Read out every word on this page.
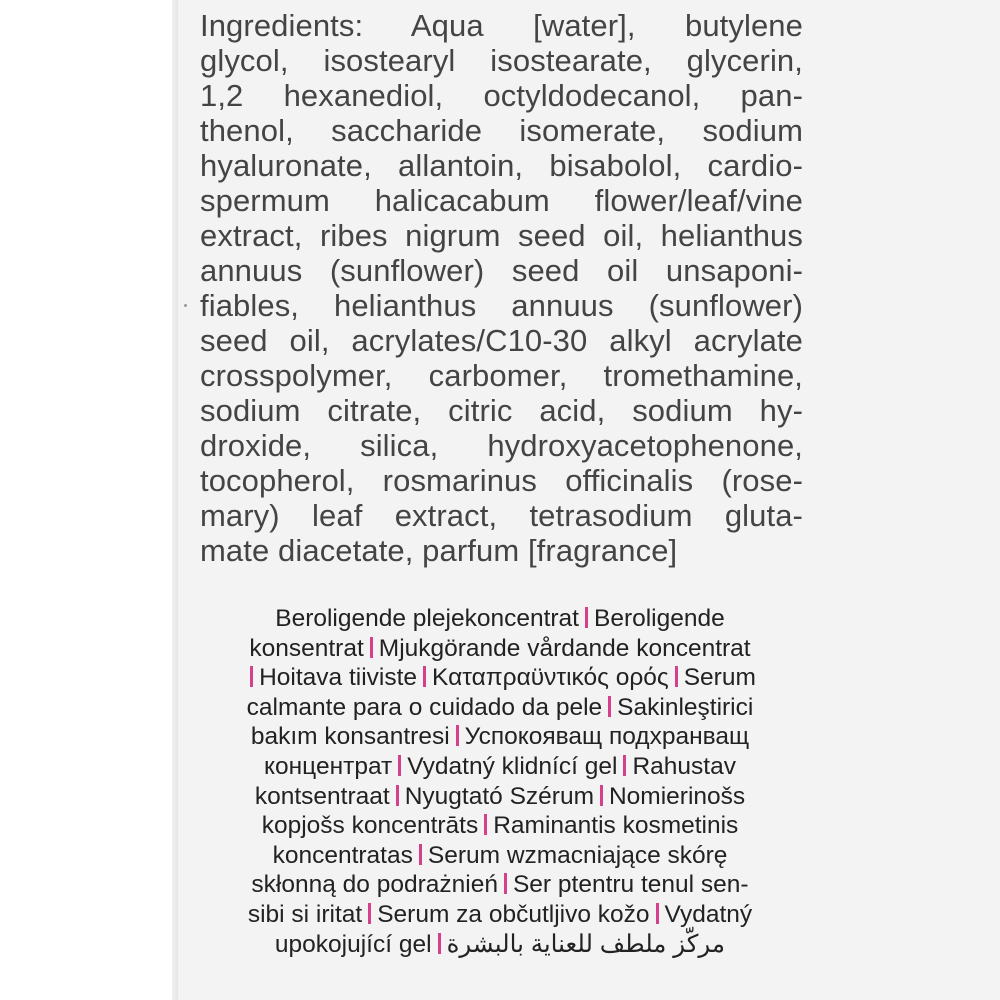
Ingredients: Aqua [water], butylene
glycol, isostearyl isostearate, glycerin,
1,2 hexanediol, octyldodecanol, pan-
thenol, saccharide isomerate, sodium
hyaluronate, allantoin, bisabolol, cardio-
spermum halicacabum flower/leaf/vine
extract, ribes nigrum seed oil, helianthus
annuus (sunflower) seed oil unsaponi-
fiables, helianthus annuus (sunflower)
seed oil, acrylates/C10-30 alkyl acrylate
crosspolymer, carbomer, tromethamine,
sodium citrate, citric acid, sodium hy-
droxide, silica, hydroxyacetophenone,
tocopherol, rosmarinus officinalis (rose-
mary) leaf extract, tetrasodium gluta-
mate diacetate, parfum [fragrance]
Beroligende plejekoncentrat Beroligende
konsentrat Mjukgörande vårdande koncentrat
Hoitava tiiviste Καταπραϋντικός ορός Serum
calmante para o cuidado da pele Sakinleştirici
bakım konsantresi Успокояващ подхранващ
концентрат Vydatný klidnící gel Rahustav
kontsentraat Nyugtató Szérum Nomierinošs
kopjošs koncentrāts Raminantis kosmetinis
koncentratas Serum wzmacniające skórę
skłonną do podrażnień Ser ptentru tenul sen-
sibi si iritat Serum za občutljivo kožo Vydatný
upokojující gel مركّز ملطف للعناية بالبشرة
